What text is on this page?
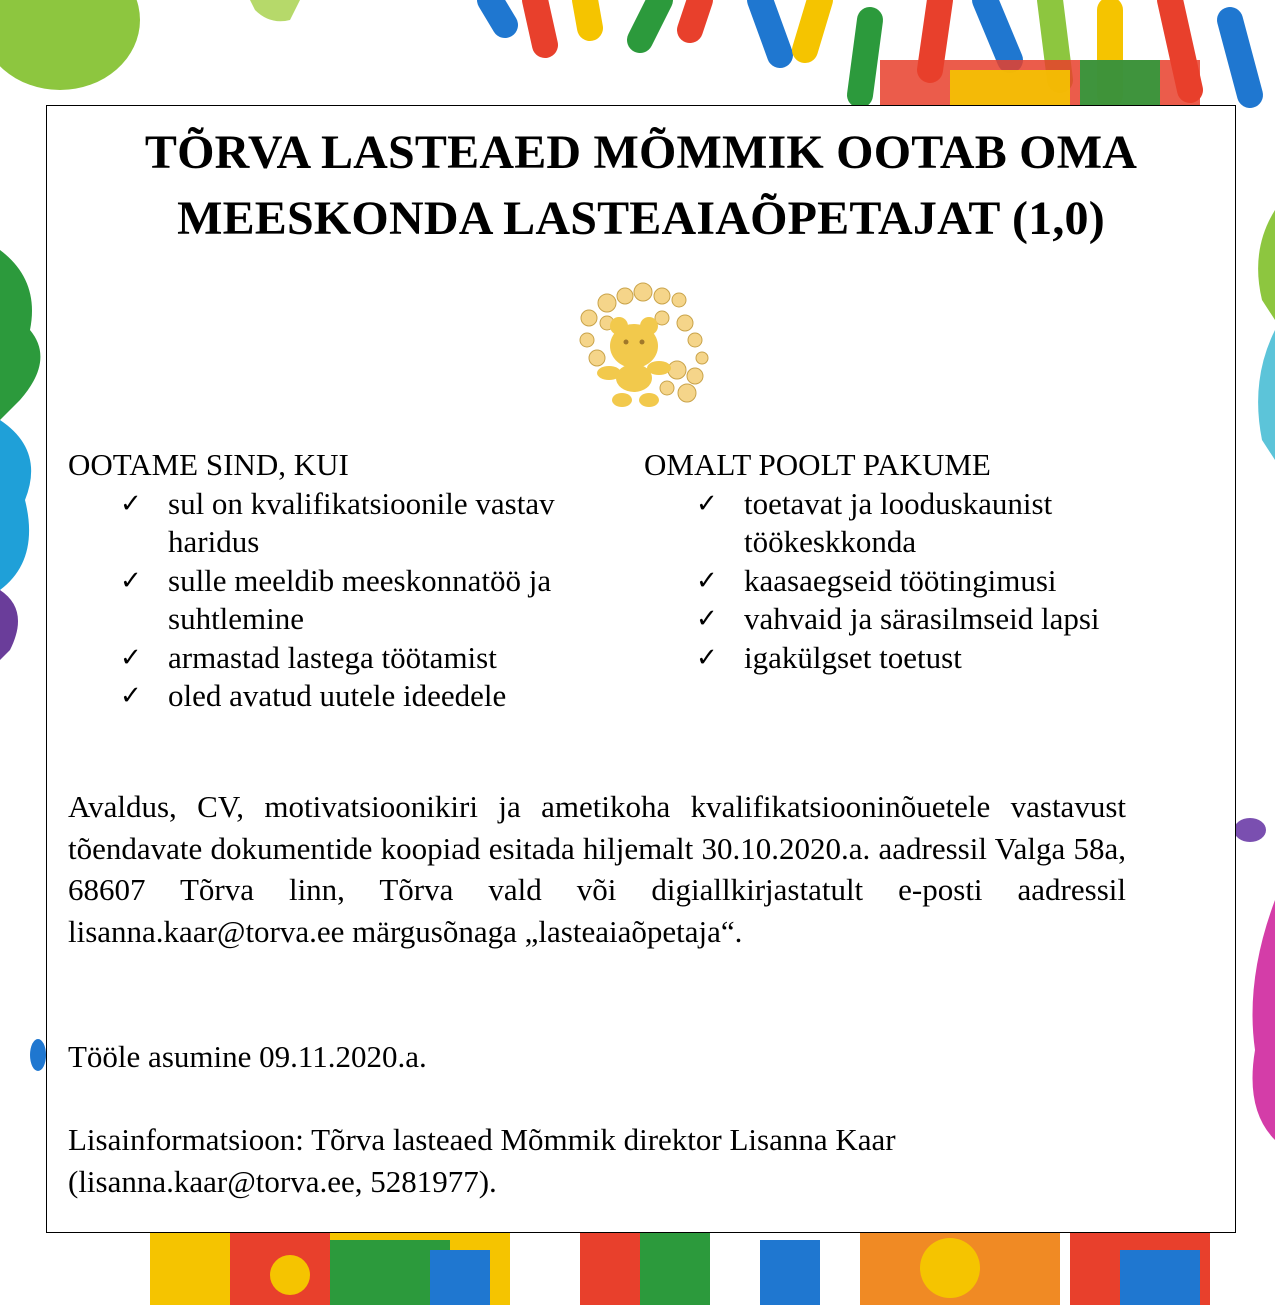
TÕRVA LASTEAED MÕMMIK OOTAB OMA
MEESKONDA LASTEAIAÕPETAJAT (1,0)
OOTAME SIND, KUI
✓ sul on kvalifikatsioonile vastav haridus
✓ sulle meeldib meeskonnatöö ja suhtlemine
✓ armastad lastega töötamist
✓ oled avatud uutele ideedele
OMALT POOLT PAKUME
✓ toetavat ja looduskaunist töökeskkonda
✓ kaasaegseid töötingimusi
✓ vahvaid ja särasilmseid lapsi
✓ igakülgset toetust
Avaldus, CV, motivatsioonikiri ja ametikoha kvalifikatsiooninõuetele vastavust tõendavate dokumentide koopiad esitada hiljemalt 30.10.2020.a. aadressil Valga 58a, 68607 Tõrva linn, Tõrva vald või digiallkirjastatult e-posti aadressil lisanna.kaar@torva.ee märgusõnaga „lasteaiaõpetaja“.
Tööle asumine 09.11.2020.a.
Lisainformatsioon: Tõrva lasteaed Mõmmik direktor Lisanna Kaar (lisanna.kaar@torva.ee, 5281977).
